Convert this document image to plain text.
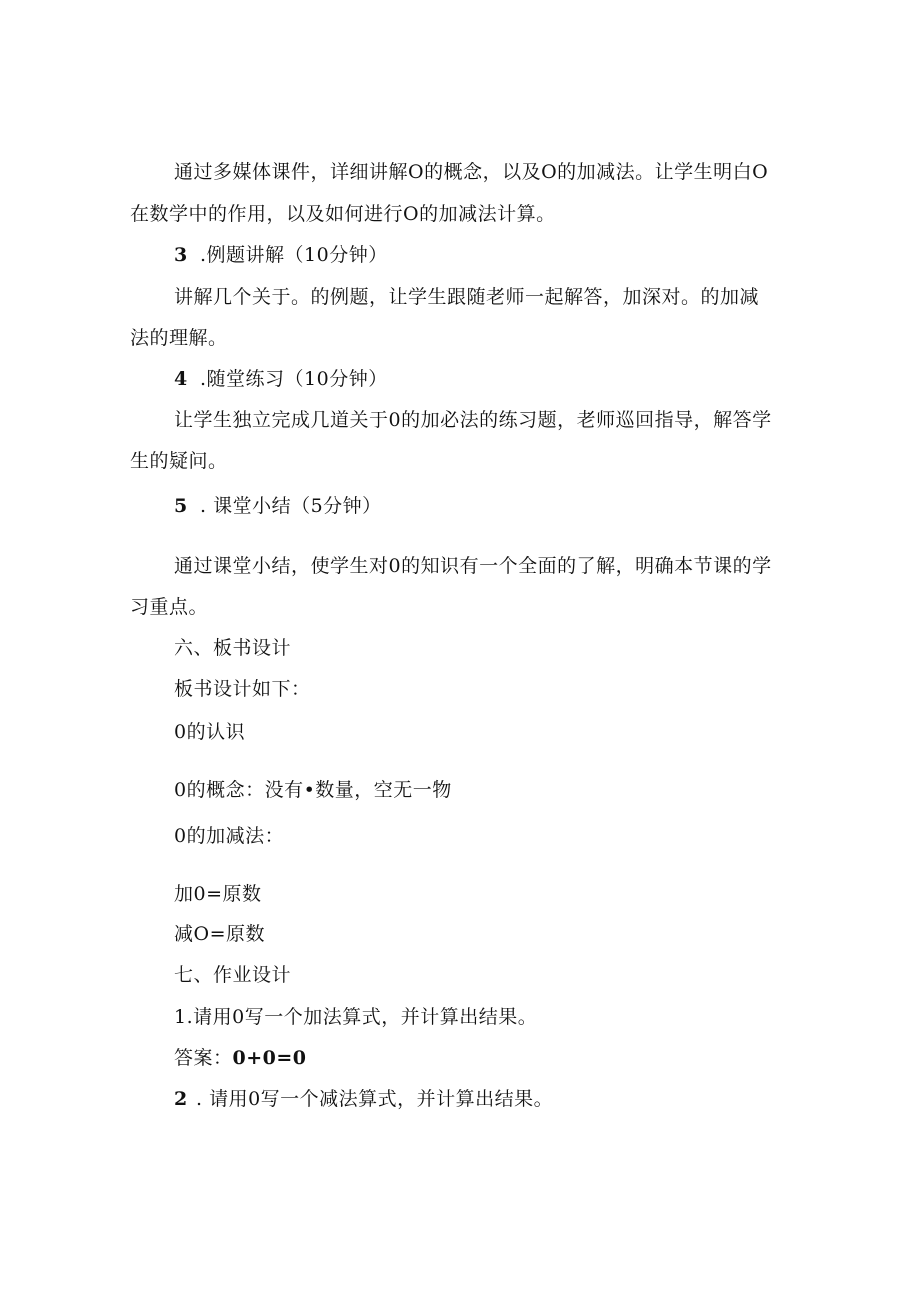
通过多媒体课件，详细讲解O的概念，以及O的加减法。让学生明白O
在数学中的作用，以及如何进行O的加减法计算。
3 .例题讲解（10分钟）
讲解几个关于。的例题，让学生跟随老师一起解答，加深对。的加减
法的理解。
4 .随堂练习（10分钟）
让学生独立完成几道关于0的加必法的练习题，老师巡回指导，解答学
生的疑问。
5 . 课堂小结（5分钟）
通过课堂小结，使学生对0的知识有一个全面的了解，明确本节课的学
习重点。
六、板书设计
板书设计如下：
0的认识
0的概念：没有•数量，空无一物
0的加减法：
加0=原数
减O=原数
七、作业设计
1.请用0写一个加法算式，并计算出结果。
答案：0+0=0
2 . 请用0写一个减法算式，并计算出结果。
